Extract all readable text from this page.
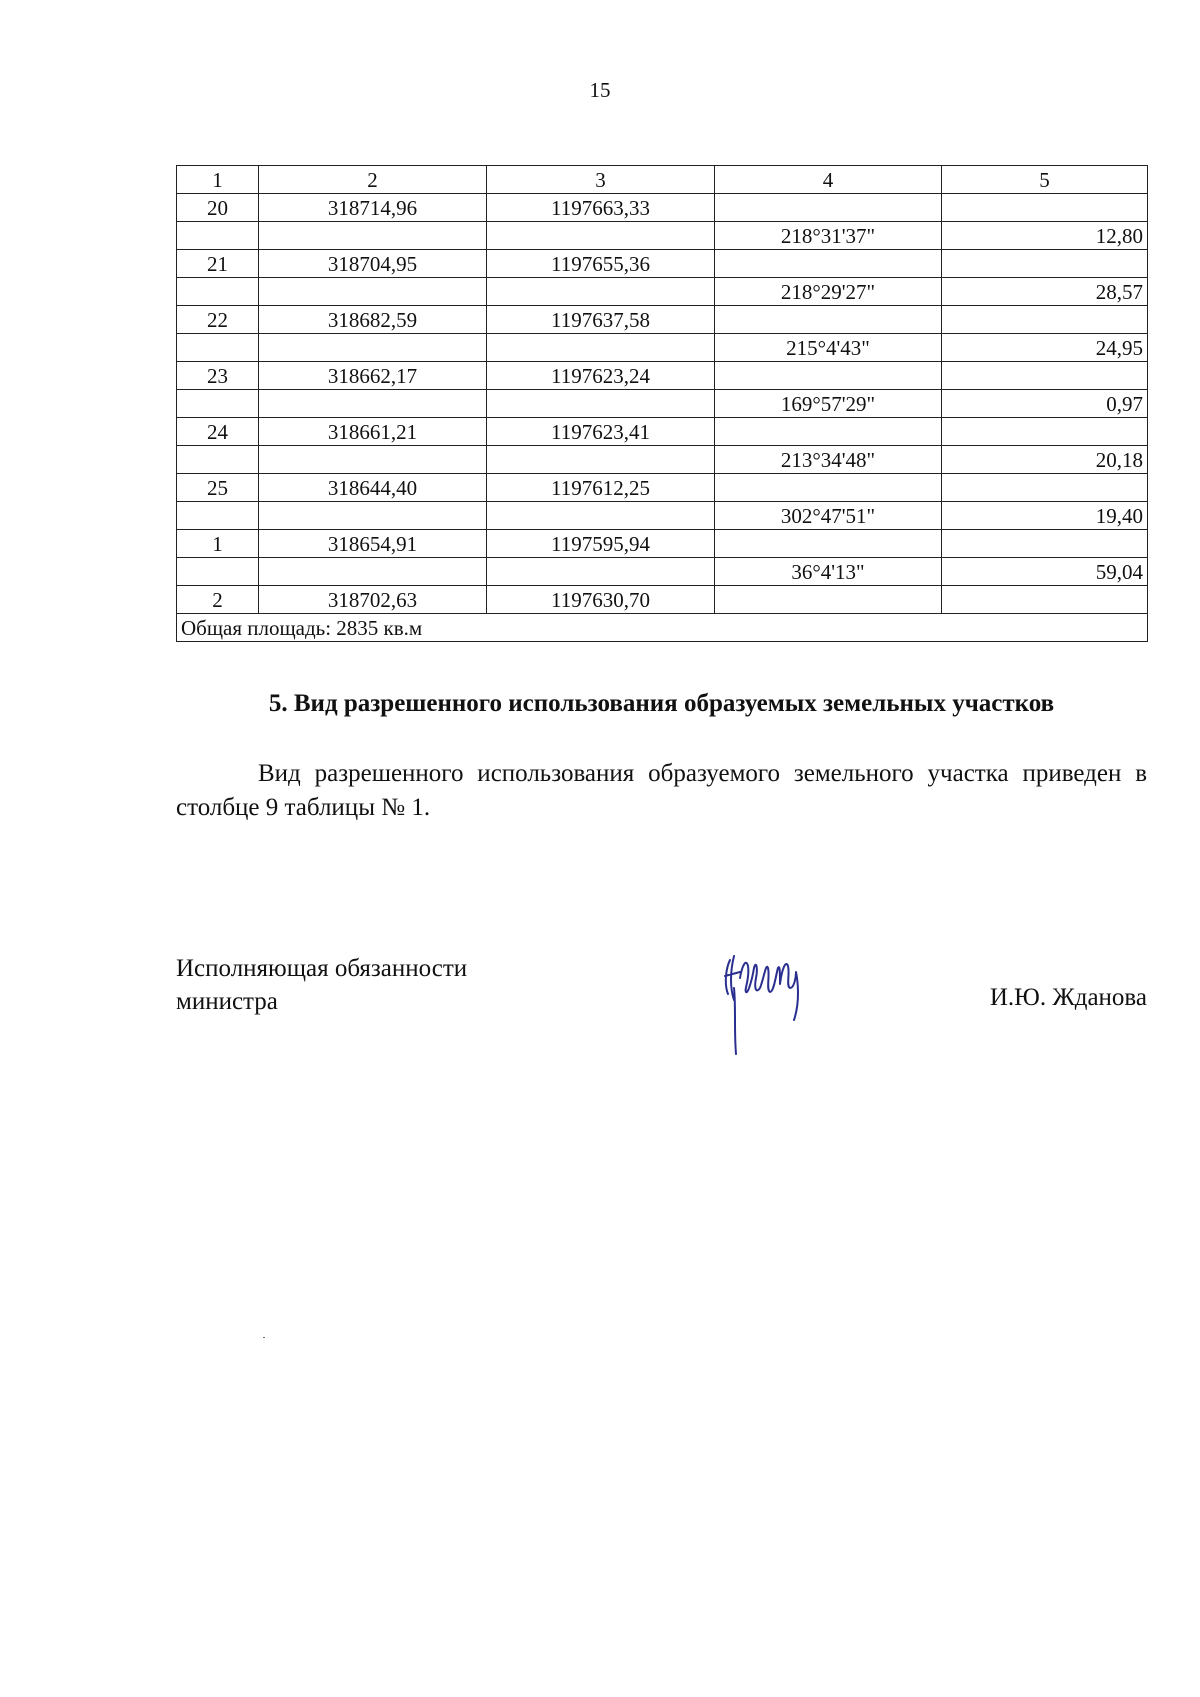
15
1	2	3	4	5
20	318714,96	1197663,33		
			218°31'37"	12,80
21	318704,95	1197655,36		
			218°29'27"	28,57
22	318682,59	1197637,58		
			215°4'43"	24,95
23	318662,17	1197623,24		
			169°57'29"	0,97
24	318661,21	1197623,41		
			213°34'48"	20,18
25	318644,40	1197612,25		
			302°47'51"	19,40
1	318654,91	1197595,94		
			36°4'13"	59,04
2	318702,63	1197630,70		
Общая площадь: 2835 кв.м				
5. Вид разрешенного использования образуемых земельных участков
Вид разрешенного использования образуемого земельного участка приведен в столбце 9 таблицы № 1.
Исполняющая обязанности
министра	И.Ю. Жданова
